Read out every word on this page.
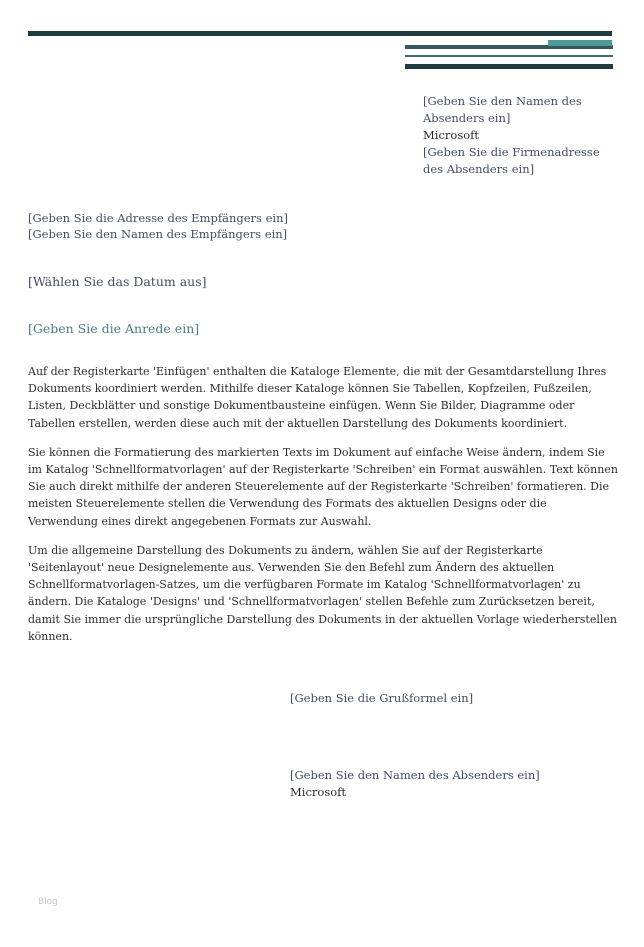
[Geben Sie den Namen des Absenders ein]
Microsoft
[Geben Sie die Firmenadresse des Absenders ein]
[Geben Sie die Adresse des Empfängers ein]
[Geben Sie den Namen des Empfängers ein]
[Wählen Sie das Datum aus]
[Geben Sie die Anrede ein]

Auf der Registerkarte 'Einfügen' enthalten die Kataloge Elemente, die mit der Gesamtdarstellung Ihres Dokuments koordiniert werden. Mithilfe dieser Kataloge können Sie Tabellen, Kopfzeilen, Fußzeilen, Listen, Deckblätter und sonstige Dokumentbausteine einfügen. Wenn Sie Bilder, Diagramme oder Tabellen erstellen, werden diese auch mit der aktuellen Darstellung des Dokuments koordiniert.

Sie können die Formatierung des markierten Texts im Dokument auf einfache Weise ändern, indem Sie im Katalog 'Schnellformatvorlagen' auf der Registerkarte 'Schreiben' ein Format auswählen. Text können Sie auch direkt mithilfe der anderen Steuerelemente auf der Registerkarte 'Schreiben' formatieren. Die meisten Steuerelemente stellen die Verwendung des Formats des aktuellen Designs oder die Verwendung eines direkt angegebenen Formats zur Auswahl.

Um die allgemeine Darstellung des Dokuments zu ändern, wählen Sie auf der Registerkarte 'Seitenlayout' neue Designelemente aus. Verwenden Sie den Befehl zum Ändern des aktuellen Schnellformatvorlagen-Satzes, um die verfügbaren Formate im Katalog 'Schnellformatvorlagen' zu ändern. Die Kataloge 'Designs' und 'Schnellformatvorlagen' stellen Befehle zum Zurücksetzen bereit, damit Sie immer die ursprüngliche Darstellung des Dokuments in der aktuellen Vorlage wiederherstellen können.

[Geben Sie die Grußformel ein]
[Geben Sie den Namen des Absenders ein]
Microsoft
Blog
